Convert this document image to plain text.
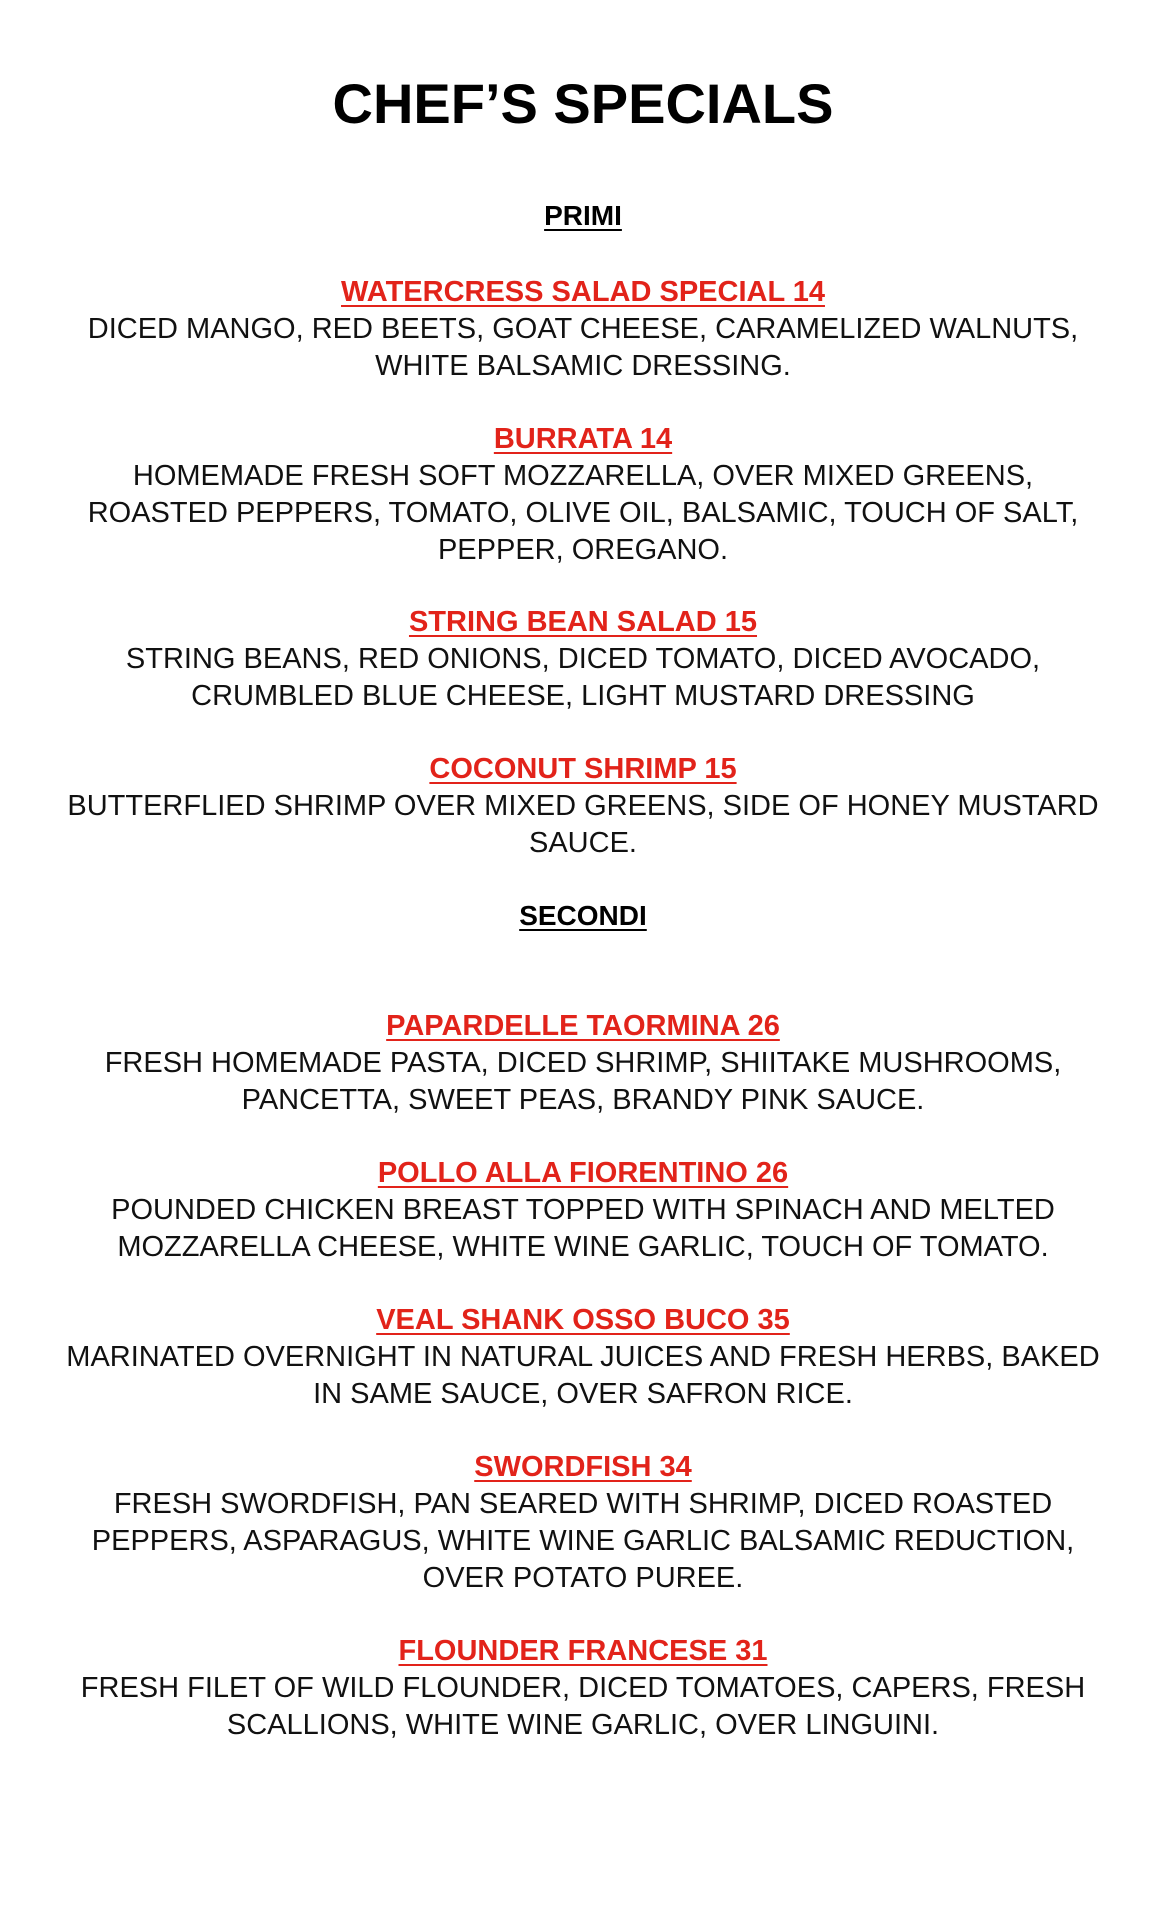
CHEF’S SPECIALS
PRIMI
WATERCRESS SALAD SPECIAL 14
DICED MANGO, RED BEETS, GOAT CHEESE, CARAMELIZED WALNUTS, WHITE BALSAMIC DRESSING.
BURRATA 14
HOMEMADE FRESH SOFT MOZZARELLA, OVER MIXED GREENS, ROASTED PEPPERS, TOMATO, OLIVE OIL, BALSAMIC, TOUCH OF SALT, PEPPER, OREGANO.
STRING BEAN SALAD 15
STRING BEANS, RED ONIONS, DICED TOMATO, DICED AVOCADO, CRUMBLED BLUE CHEESE, LIGHT MUSTARD DRESSING
COCONUT SHRIMP 15
BUTTERFLIED SHRIMP OVER MIXED GREENS, SIDE OF HONEY MUSTARD SAUCE.
SECONDI
PAPARDELLE TAORMINA 26
FRESH HOMEMADE PASTA, DICED SHRIMP, SHIITAKE MUSHROOMS, PANCETTA, SWEET PEAS, BRANDY PINK SAUCE.
POLLO ALLA FIORENTINO 26
POUNDED CHICKEN BREAST TOPPED WITH SPINACH AND MELTED MOZZARELLA CHEESE, WHITE WINE GARLIC, TOUCH OF TOMATO.
VEAL SHANK OSSO BUCO 35
MARINATED OVERNIGHT IN NATURAL JUICES AND FRESH HERBS, BAKED IN SAME SAUCE, OVER SAFRON RICE.
SWORDFISH 34
FRESH SWORDFISH, PAN SEARED WITH SHRIMP, DICED ROASTED PEPPERS, ASPARAGUS, WHITE WINE GARLIC BALSAMIC REDUCTION, OVER POTATO PUREE.
FLOUNDER FRANCESE 31
FRESH FILET OF WILD FLOUNDER, DICED TOMATOES, CAPERS, FRESH SCALLIONS, WHITE WINE GARLIC, OVER LINGUINI.
